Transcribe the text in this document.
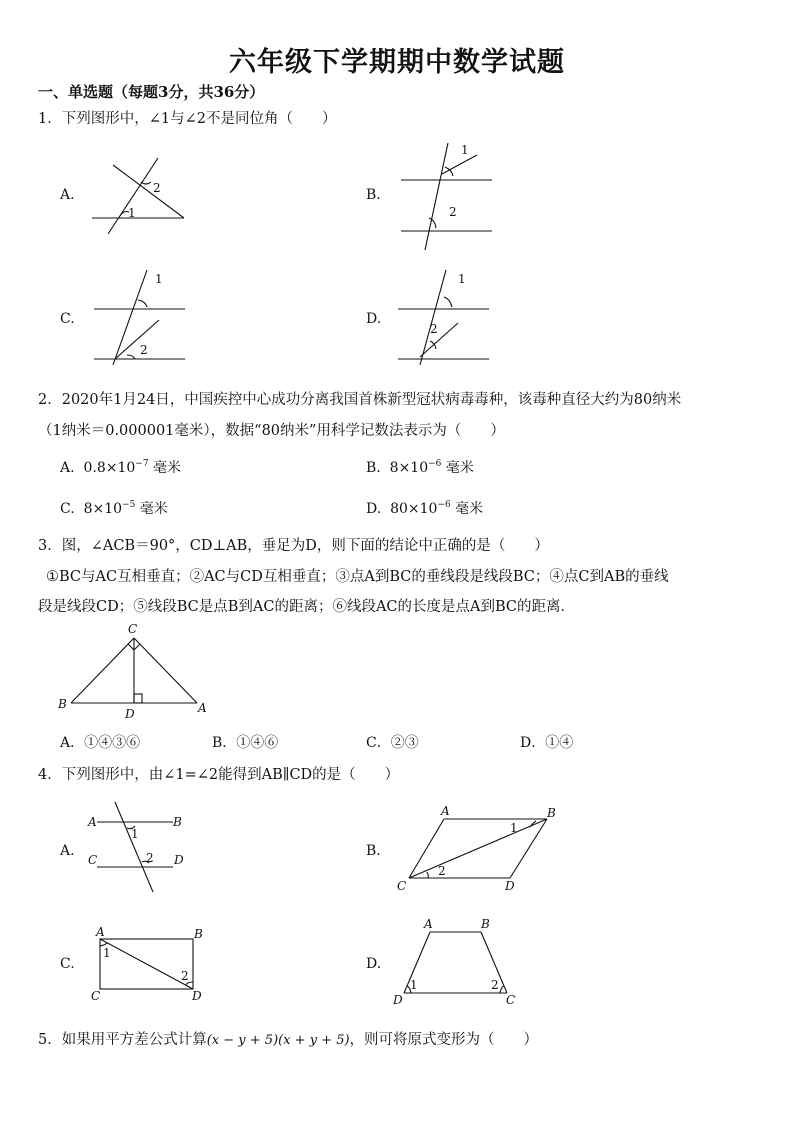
六年级下学期期中数学试题
一、单选题（每题3分，共36分）
1．下列图形中，∠1与∠2不是同位角（　　）
A.	2
1
B.
1
2
C.
1
2
D.
1
2
2．2020年1月24日，中国疾控中心成功分离我国首株新型冠状病毒毒种，该毒种直径大约为80纳米
（1纳米＝0.000001毫米），数据“80纳米”用科学记数法表示为（　　）
A. $0.8\times 10^{-7}$ 毫米	B. $8\times 10^{-6}$ 毫米
C. $8\times 10^{-5}$ 毫米	D. $80\times 10^{-6}$ 毫米
3．图，∠ACB＝90°，CD⊥AB，垂足为D，则下面的结论中正确的是（　　）
①BC与AC互相垂直；②AC与CD互相垂直；③点A到BC的垂线段是线段BC；④点C到AB的垂线
段是线段CD；⑤线段BC是点B到AC的距离；⑥线段AC的长度是点A到BC的距离．
C
B
D	A
A．①④③⑥	B．①④⑥	C．②③	D．①④
4．下列图形中，由∠1=∠2能得到AB∥CD的是（　　）
A.
A	B
C	D
1
2	B.
A	B
C	D
1
2
C.
A	B
C	D
1
2
D.
A	B
D	C
1	2
5．如果用平方差公式计算(x − y + 5)(x + y + 5)，则可将原式变形为（　　）
